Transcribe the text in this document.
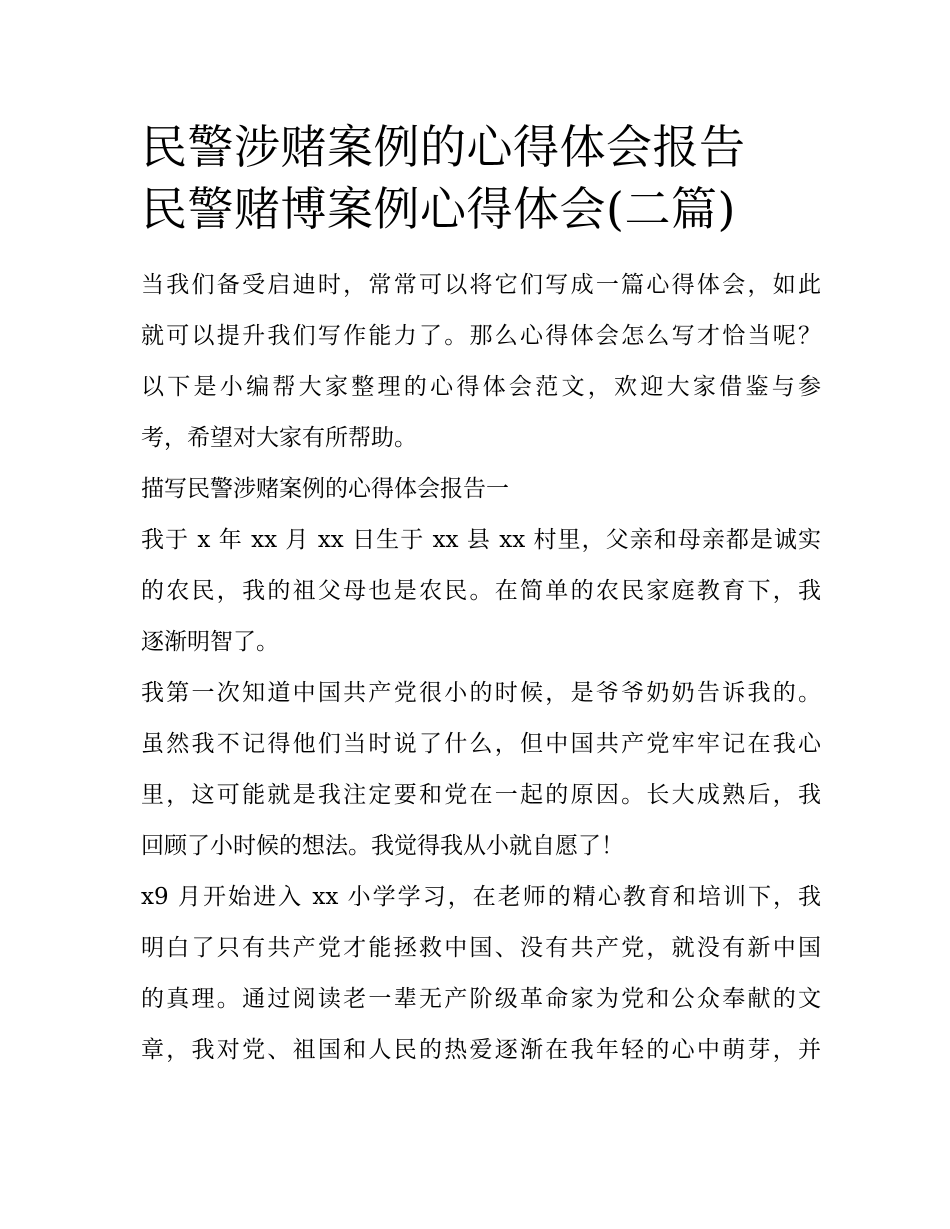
民警涉赌案例的心得体会报告
民警赌博案例心得体会(二篇)

当我们备受启迪时，常常可以将它们写成一篇心得体会，如此
就可以提升我们写作能力了。那么心得体会怎么写才恰当呢？
以下是小编帮大家整理的心得体会范文，欢迎大家借鉴与参
考，希望对大家有所帮助。

描写民警涉赌案例的心得体会报告一

我于 x 年 xx 月 xx 日生于 xx 县 xx 村里，父亲和母亲都是诚实
的农民，我的祖父母也是农民。在简单的农民家庭教育下，我
逐渐明智了。

我第一次知道中国共产党很小的时候，是爷爷奶奶告诉我的。
虽然我不记得他们当时说了什么，但中国共产党牢牢记在我心
里，这可能就是我注定要和党在一起的原因。长大成熟后，我
回顾了小时候的想法。我觉得我从小就自愿了！

x9 月开始进入 xx 小学学习，在老师的精心教育和培训下，我
明白了只有共产党才能拯救中国、没有共产党，就没有新中国
的真理。通过阅读老一辈无产阶级革命家为党和公众奉献的文
章，我对党、祖国和人民的热爱逐渐在我年轻的心中萌芽，并
